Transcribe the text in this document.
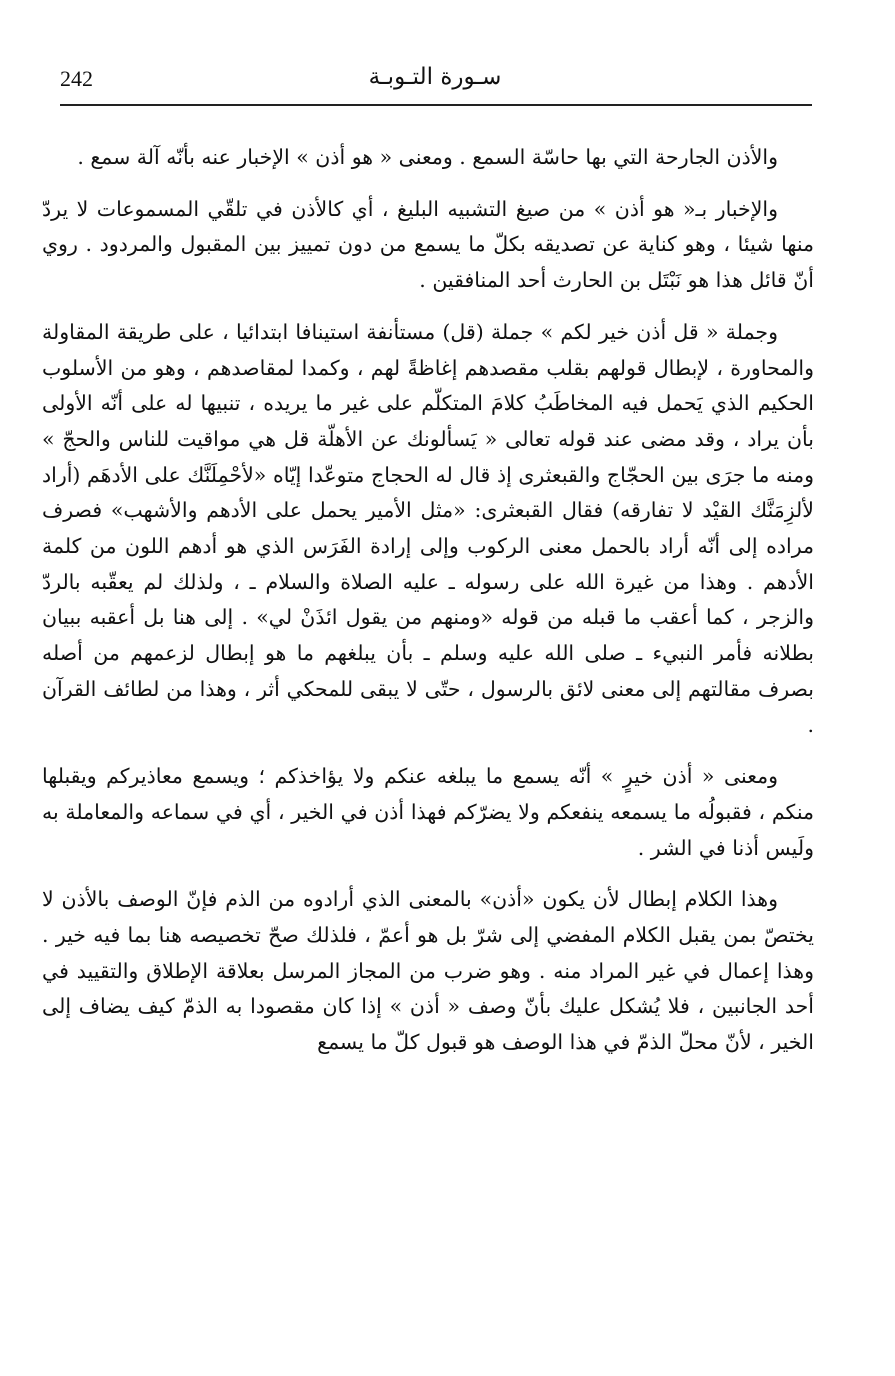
242	سـورة التـوبـة

والأذن الجارحة التي بها حاسّة السمع . ومعنى « هو أذن » الإخبار عنه بأنّه آلة سمع .

والإخبار بـ« هو أذن » من صيغ التشبيه البليغ ، أي كالأذن في تلقّي المسموعات لا يردّ منها شيئا ، وهو كناية عن تصديقه بكلّ ما يسمع من دون تمييز بين المقبول والمردود . روي أنّ قائل هذا هو نَبْتَل بن الحارث أحد المنافقين .

وجملة « قل أذن خير لكم » جملة (قل) مستأنفة استينافا ابتدائيا ، على طريقة المقاولة والمحاورة ، لإبطال قولهم بقلب مقصدهم إغاظةً لهم ، وكمدا لمقاصدهم ، وهو من الأسلوب الحكيم الذي يَحمل فيه المخاطَبُ كلامَ المتكلّم على غير ما يريده ، تنبيها له على أنّه الأولى بأن يراد ، وقد مضى عند قوله تعالى « يَسألونك عن الأهلّة قل هي مواقيت للناس والحجّ » ومنه ما جرَى بين الحجّاج والقبعثرى إذ قال له الحجاج متوعّدا إيّاه «لأحْمِلَنَّك على الأدهَم (أراد لألزِمَنَّك القيْد لا تفارقه) فقال القبعثرى: «مثل الأمير يحمل على الأدهم والأشهب» فصرف مراده إلى أنّه أراد بالحمل معنى الركوب وإلى إرادة الفَرَس الذي هو أدهم اللون من كلمة الأدهم . وهذا من غيرة الله على رسوله ـ عليه الصلاة والسلام ـ ، ولذلك لم يعقّبه بالردّ والزجر ، كما أعقب ما قبله من قوله «ومنهم من يقول ائذَنْ لي» . إلى هنا بل أعقبه ببيان بطلانه فأمر النبيء ـ صلى الله عليه وسلم ـ بأن يبلغهم ما هو إبطال لزعمهم من أصله بصرف مقالتهم إلى معنى لائق بالرسول ، حتّى لا يبقى للمحكي أثر ، وهذا من لطائف القرآن .

ومعنى « أذن خيرٍ » أنّه يسمع ما يبلغه عنكم ولا يؤاخذكم ؛ ويسمع معاذيركم ويقبلها منكم ، فقبولُه ما يسمعه ينفعكم ولا يضرّكم فهذا أذن في الخير ، أي في سماعه والمعاملة به ولَيس أذنا في الشر .

وهذا الكلام إبطال لأن يكون «أذن» بالمعنى الذي أرادوه من الذم فإنّ الوصف بالأذن لا يختصّ بمن يقبل الكلام المفضي إلى شرّ بل هو أعمّ ، فلذلك صحّ تخصيصه هنا بما فيه خير . وهذا إعمال في غير المراد منه . وهو ضرب من المجاز المرسل بعلاقة الإطلاق والتقييد في أحد الجانبين ، فلا يُشكل عليك بأنّ وصف « أذن » إذا كان مقصودا به الذمّ كيف يضاف إلى الخير ، لأنّ محلّ الذمّ في هذا الوصف هو قبول كلّ ما يسمع
